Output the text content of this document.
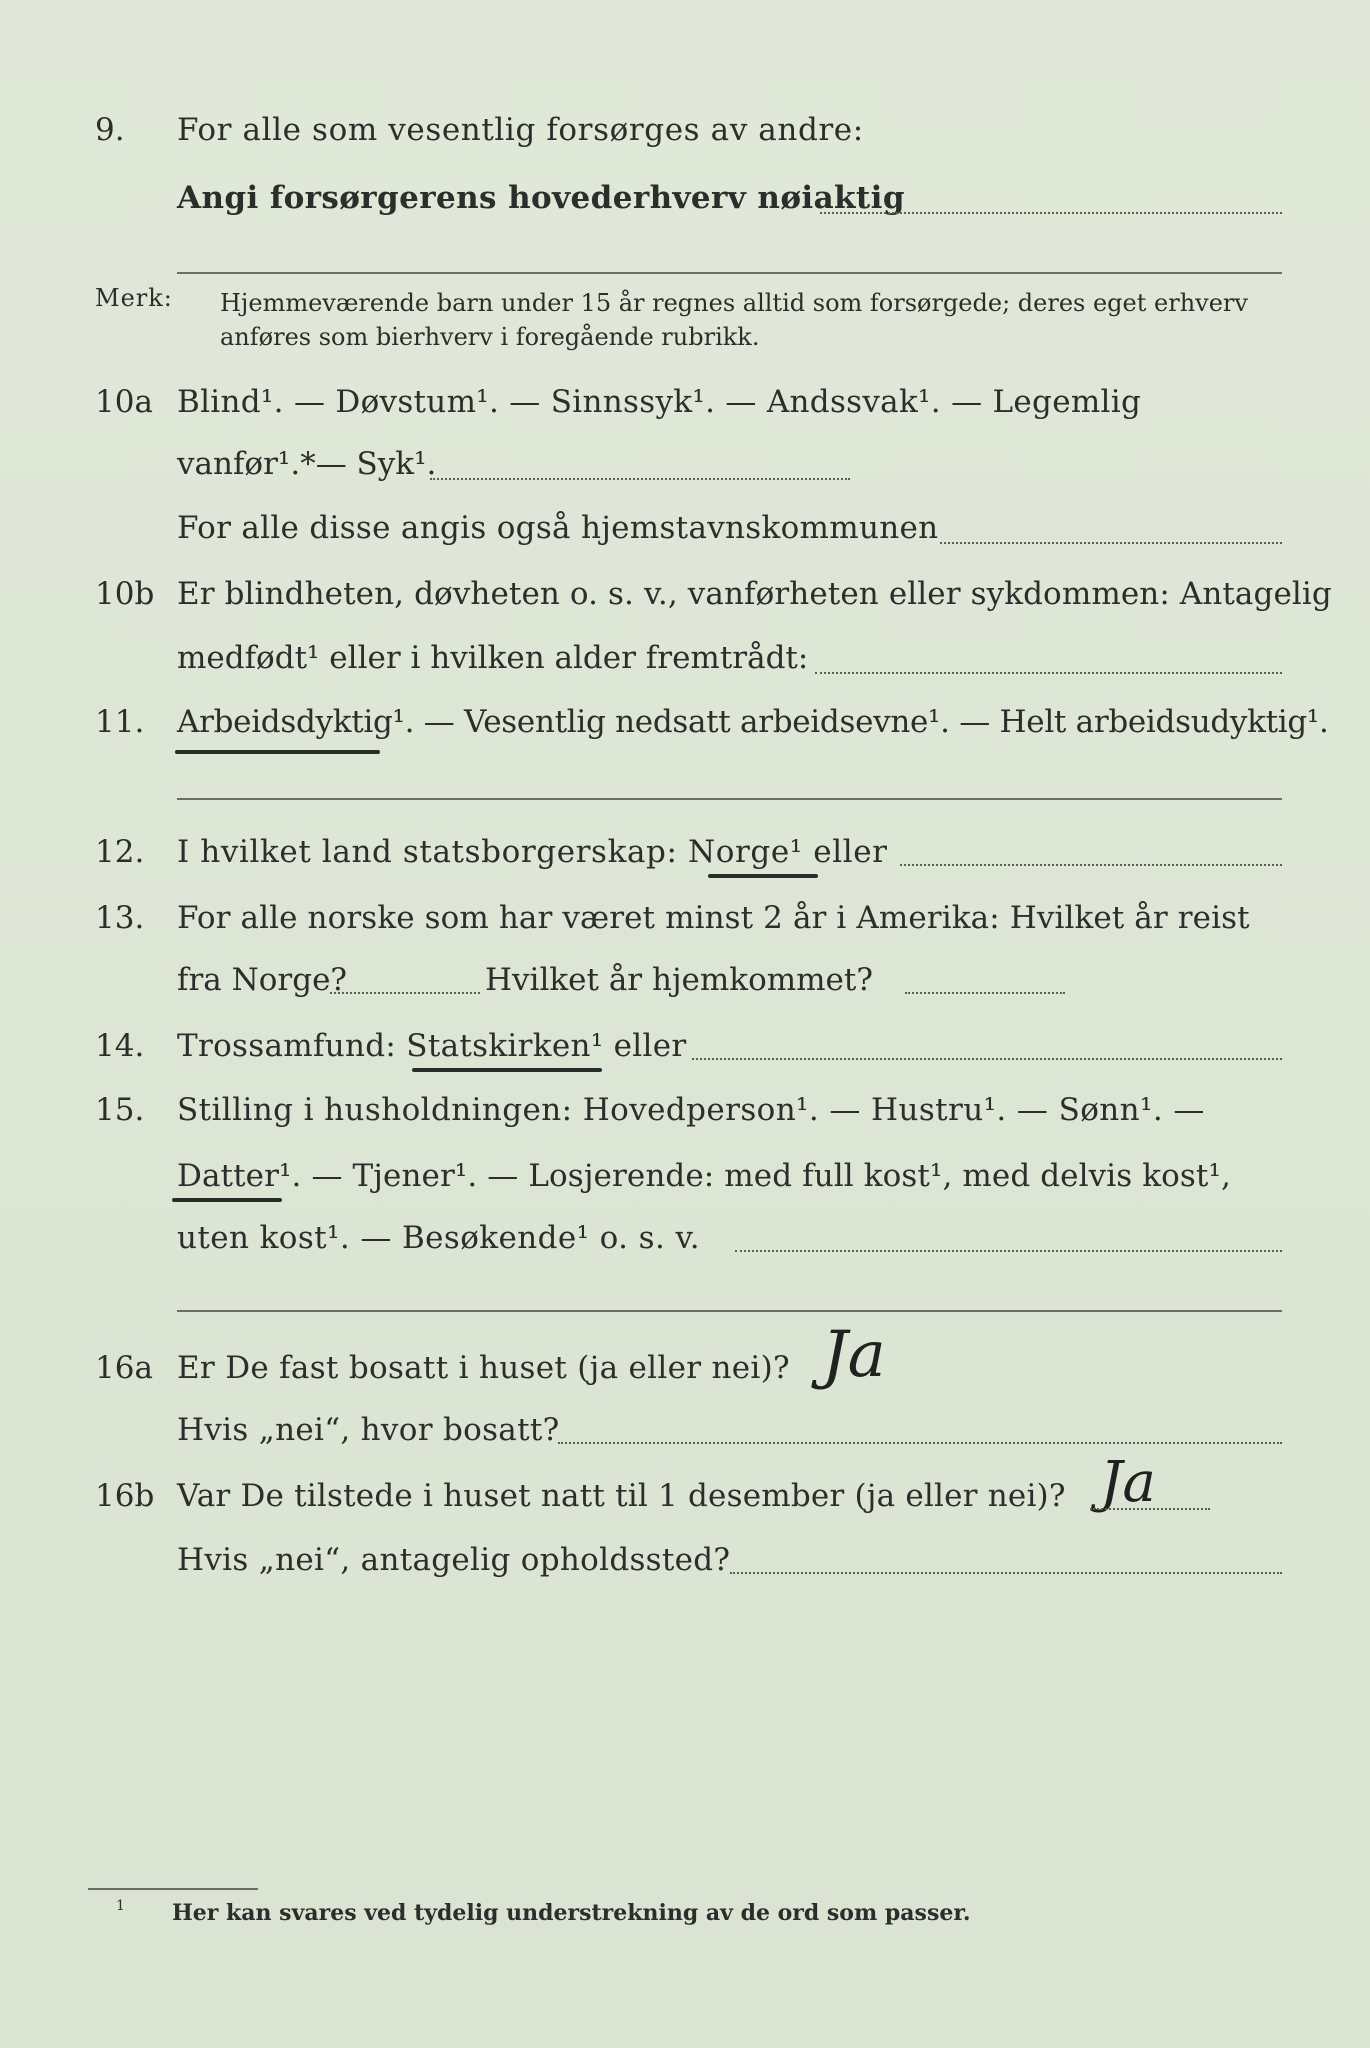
9. For alle som vesentlig forsørges av andre:
Angi forsørgerens hovederhverv nøiaktig
Merk: Hjemmeværende barn under 15 år regnes alltid som forsørgede; deres eget erhverv anføres som bierhverv i foregående rubrikk.
10a Blind¹. — Døvstum¹. — Sinnssyk¹. — Andssvak¹. — Legemlig
vanfør¹.*— Syk¹.
For alle disse angis også hjemstavnskommunen
10b Er blindheten, døvheten o. s. v., vanførheten eller sykdommen: Antagelig
medfødt¹ eller i hvilken alder fremtrådt:
11. Arbeidsdyktig¹. — Vesentlig nedsatt arbeidsevne¹. — Helt arbeidsudyktig¹.
12. I hvilket land statsborgerskap: Norge¹ eller
13. For alle norske som har været minst 2 år i Amerika: Hvilket år reist
fra Norge?	Hvilket år hjemkommet?
14. Trossamfund: Statskirken¹ eller
15. Stilling i husholdningen: Hovedperson¹. — Hustru¹. — Sønn¹. —
Datter¹. — Tjener¹. — Losjerende: med full kost¹, med delvis kost¹,
uten kost¹. — Besøkende¹ o. s. v.
16a Er De fast bosatt i huset (ja eller nei)? Ja
Hvis „nei“, hvor bosatt?
16b Var De tilstede i huset natt til 1 desember (ja eller nei)? Ja
Hvis „nei“, antagelig opholdssted?
1 Her kan svares ved tydelig understrekning av de ord som passer.
